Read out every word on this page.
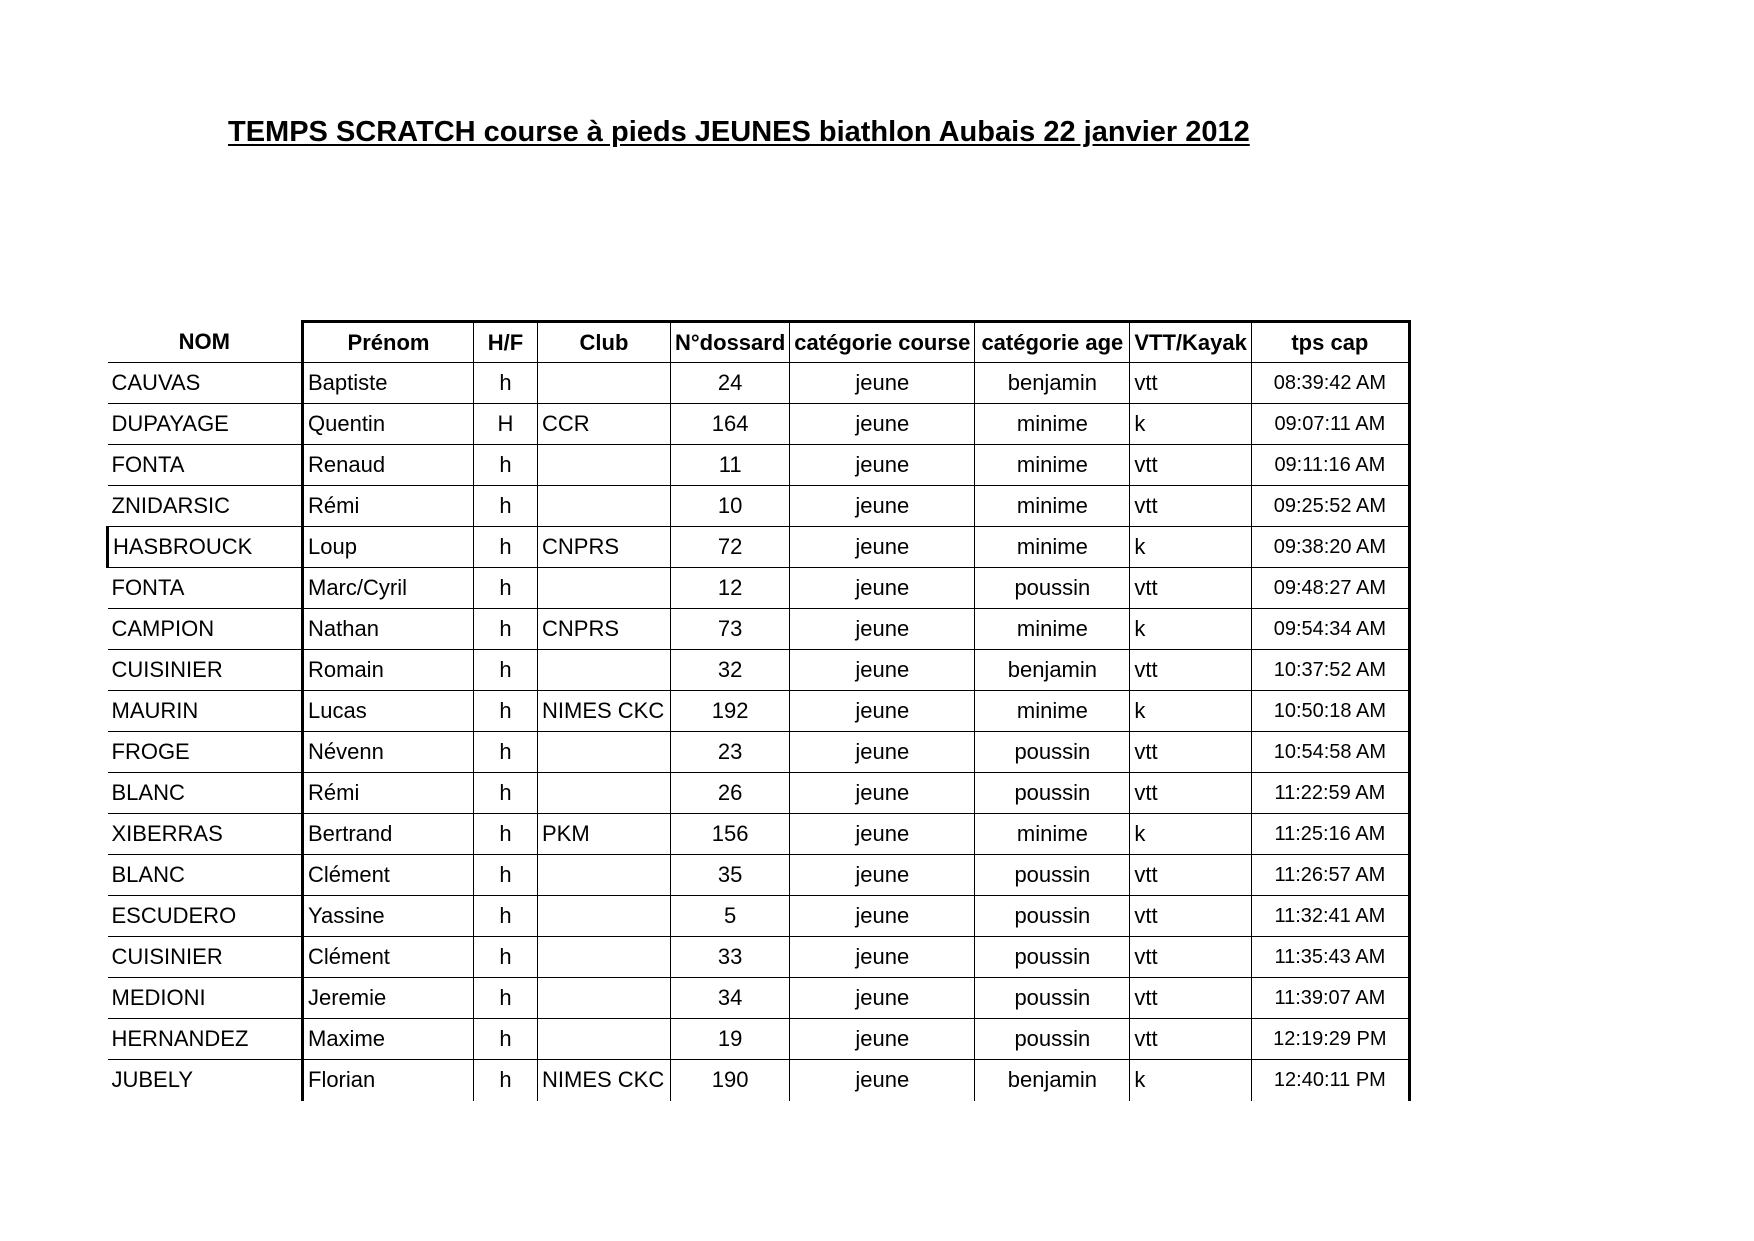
TEMPS SCRATCH course à pieds JEUNES biathlon Aubais 22 janvier 2012
NOM	Prénom	H/F	Club	N°dossard	catégorie course	catégorie age	VTT/Kayak	tps cap
CAUVAS	Baptiste	h		24	jeune	benjamin	vtt	08:39:42 AM
DUPAYAGE	Quentin	H	CCR	164	jeune	minime	k	09:07:11 AM
FONTA	Renaud	h		11	jeune	minime	vtt	09:11:16 AM
ZNIDARSIC	Rémi	h		10	jeune	minime	vtt	09:25:52 AM
HASBROUCK	Loup	h	CNPRS	72	jeune	minime	k	09:38:20 AM
FONTA	Marc/Cyril	h		12	jeune	poussin	vtt	09:48:27 AM
CAMPION	Nathan	h	CNPRS	73	jeune	minime	k	09:54:34 AM
CUISINIER	Romain	h		32	jeune	benjamin	vtt	10:37:52 AM
MAURIN	Lucas	h	NIMES CKC	192	jeune	minime	k	10:50:18 AM
FROGE	Névenn	h		23	jeune	poussin	vtt	10:54:58 AM
BLANC	Rémi	h		26	jeune	poussin	vtt	11:22:59 AM
XIBERRAS	Bertrand	h	PKM	156	jeune	minime	k	11:25:16 AM
BLANC	Clément	h		35	jeune	poussin	vtt	11:26:57 AM
ESCUDERO	Yassine	h		5	jeune	poussin	vtt	11:32:41 AM
CUISINIER	Clément	h		33	jeune	poussin	vtt	11:35:43 AM
MEDIONI	Jeremie	h		34	jeune	poussin	vtt	11:39:07 AM
HERNANDEZ	Maxime	h		19	jeune	poussin	vtt	12:19:29 PM
JUBELY	Florian	h	NIMES CKC	190	jeune	benjamin	k	12:40:11 PM
